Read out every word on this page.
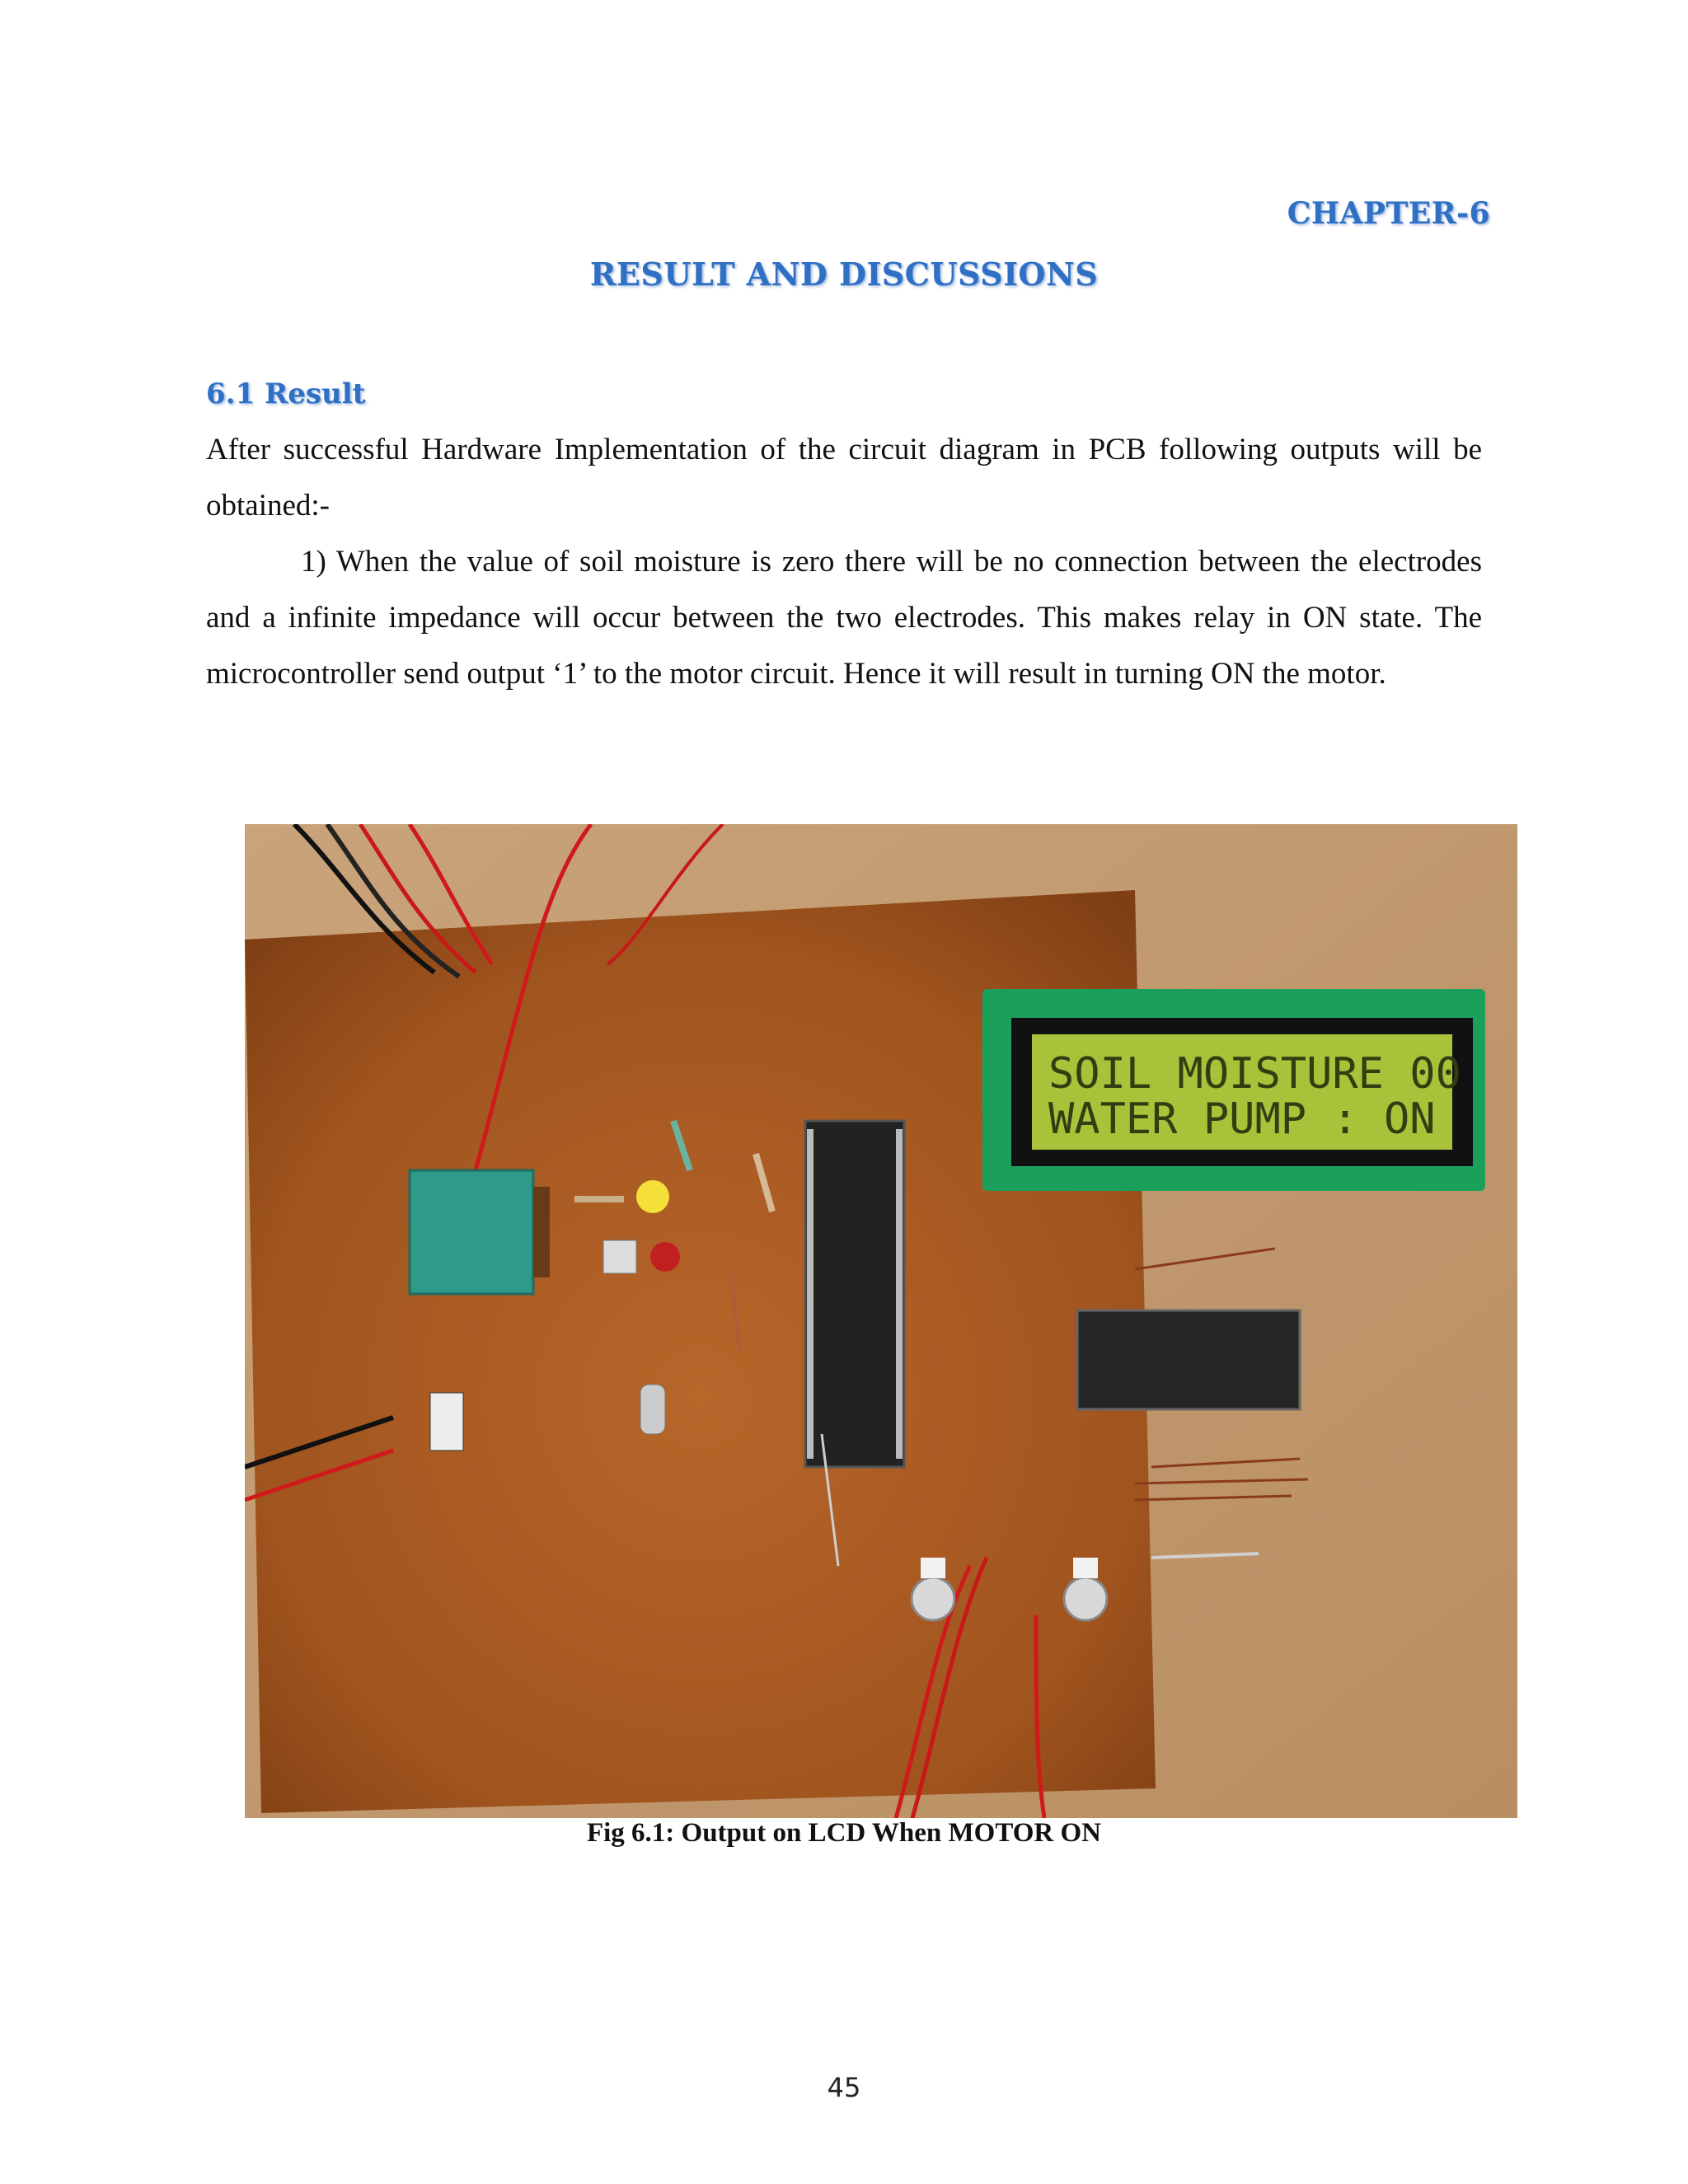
CHAPTER-6
RESULT AND DISCUSSIONS
6.1 Result

After successful Hardware Implementation of the circuit diagram in PCB following outputs will be obtained:-

1) When the value of soil moisture is zero there will be no connection between the electrodes and a infinite impedance will occur between the two electrodes. This makes relay in ON state. The microcontroller send output ‘1’ to the motor circuit. Hence it will result in turning ON the motor.

SOIL MOISTURE 00
WATER PUMP : ON
Fig 6.1: Output on LCD When MOTOR ON
45
